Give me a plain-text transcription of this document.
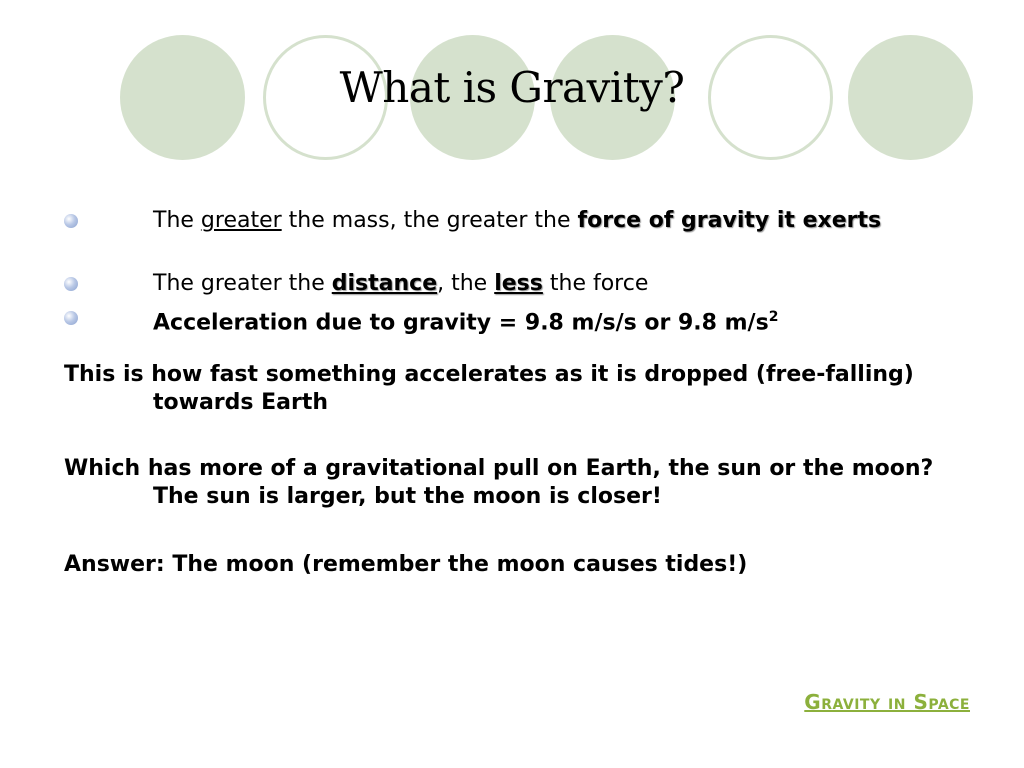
What is Gravity?
The greater the mass, the greater the force of gravity it exerts
The greater the distance, the less the force
Acceleration due to gravity = 9.8 m/s/s or 9.8 $m/s^2$
This is how fast something accelerates as it is dropped (free-falling) towards Earth
Which has more of a gravitational pull on Earth, the sun or the moon? The sun is larger, but the moon is closer!
Answer: The moon (remember the moon causes tides!)
Gravity in Space
